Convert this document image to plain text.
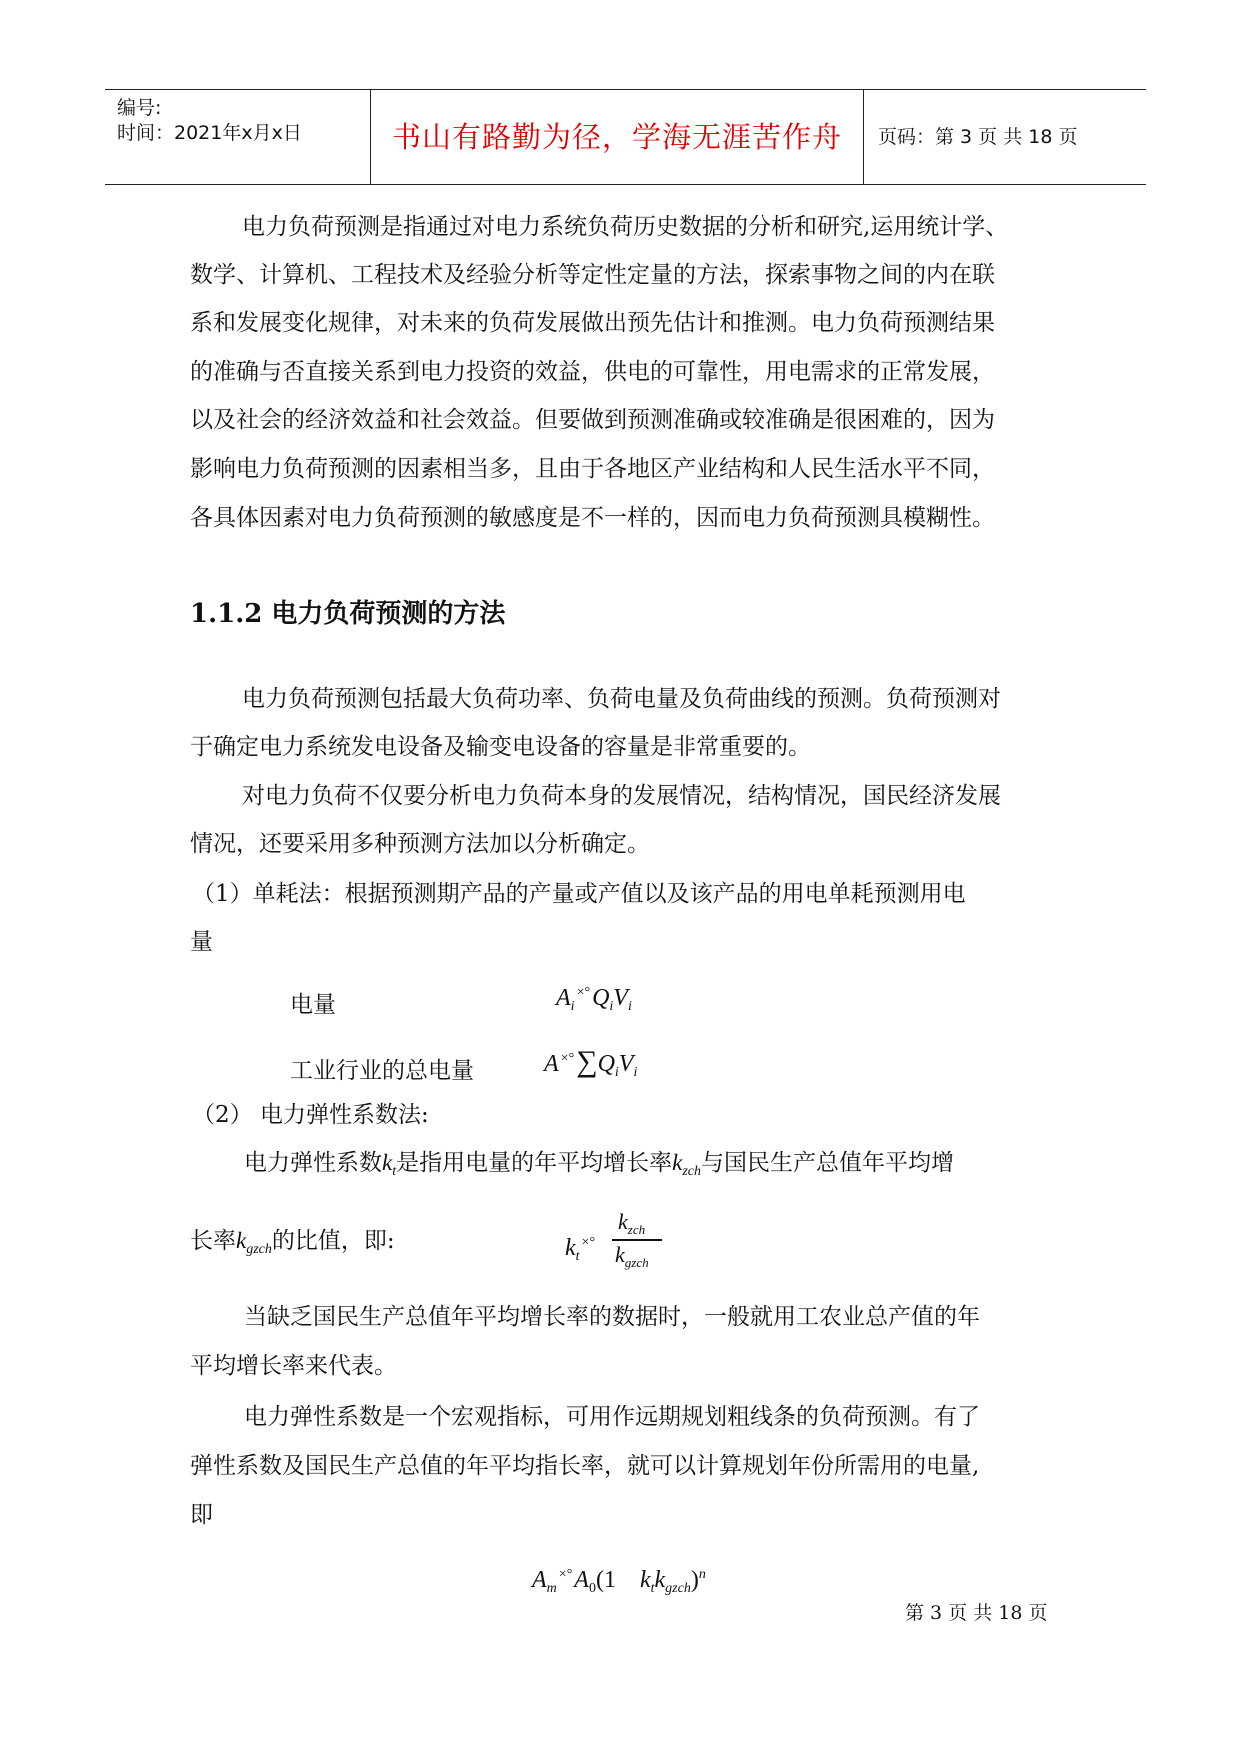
编号:
时间：2021年x月x日	书山有路勤为径，学海无涯苦作舟	页码：第 3 页 共 18 页
电力负荷预测是指通过对电力系统负荷历史数据的分析和研究,运用统计学、
数学、计算机、工程技术及经验分析等定性定量的方法，探索事物之间的内在联
系和发展变化规律，对未来的负荷发展做出预先估计和推测。电力负荷预测结果
的准确与否直接关系到电力投资的效益，供电的可靠性，用电需求的正常发展，
以及社会的经济效益和社会效益。但要做到预测准确或较准确是很困难的，因为
影响电力负荷预测的因素相当多，且由于各地区产业结构和人民生活水平不同，
各具体因素对电力负荷预测的敏感度是不一样的，因而电力负荷预测具模糊性。
1.1.2 电力负荷预测的方法
电力负荷预测包括最大负荷功率、负荷电量及负荷曲线的预测。负荷预测对
于确定电力系统发电设备及输变电设备的容量是非常重要的。
对电力负荷不仅要分析电力负荷本身的发展情况，结构情况，国民经济发展
情况，还要采用多种预测方法加以分析确定。
（1）单耗法：根据预测期产品的产量或产值以及该产品的用电单耗预测用电
量
电量	$A_i^{\times^\circ}Q_iV_i$
工业行业的总电量	A $^{\times^\circ}\sum Q_iV_i$
（2） 电力弹性系数法:
电力弹性系数$k_t$是指用电量的年平均增长率$k_{zch}$与国民生产总值年平均增
长率$k_{gzch}$的比值，即:	$k_t^{\times^\circ}$
$k_{zch}$
$k_{gzch}$
当缺乏国民生产总值年平均增长率的数据时，一般就用工农业总产值的年
平均增长率来代表。
电力弹性系数是一个宏观指标，可用作远期规划粗线条的负荷预测。有了
弹性系数及国民生产总值的年平均指长率，就可以计算规划年份所需用的电量,
即
$A_m^{\times^\circ}A_0(1$    $k_tk_{gzch})^n$
第 3 页 共 18 页
